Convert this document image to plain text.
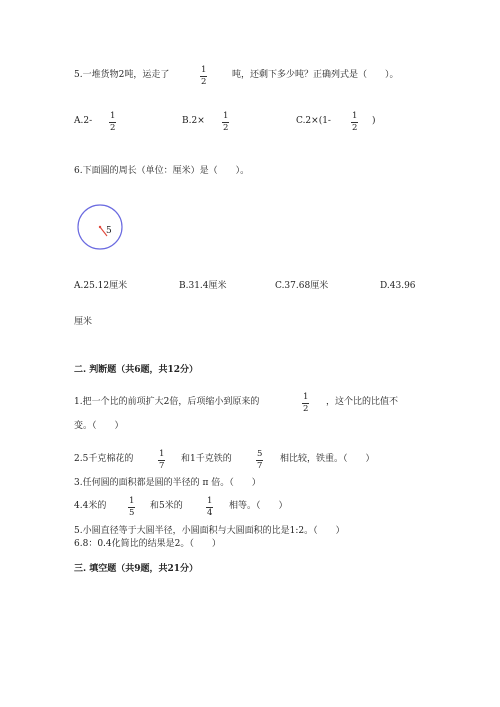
5.一堆货物2吨，运走了	1
2
吨，还剩下多少吨？正确列式是（　　）。
A.2- 1
2
B.2× 1
2
C.2×(1- 1
2
)
6.下面圆的周长（单位：厘米）是（　　）。
5
A.25.12厘米	B.31.4厘米	C.37.68厘米	D.43.96
厘米
二. 判断题（共6题，共12分）
1.把一个比的前项扩大2倍，后项缩小到原来的	1
2
，这个比的比值不
变。（　　）
2.5千克棉花的	1
7
和1千克铁的	5
7
相比较，铁重。（　　）
3.任何圆的面积都是圆的半径的 π 倍。（　　）
4.4米的	1
5
和5米的	1
4
相等。（　　）
5.小圆直径等于大圆半径，小圆面积与大圆面积的比是1:2。（　　）
6.8：0.4化简比的结果是2。（　　）
三. 填空题（共9题，共21分）
